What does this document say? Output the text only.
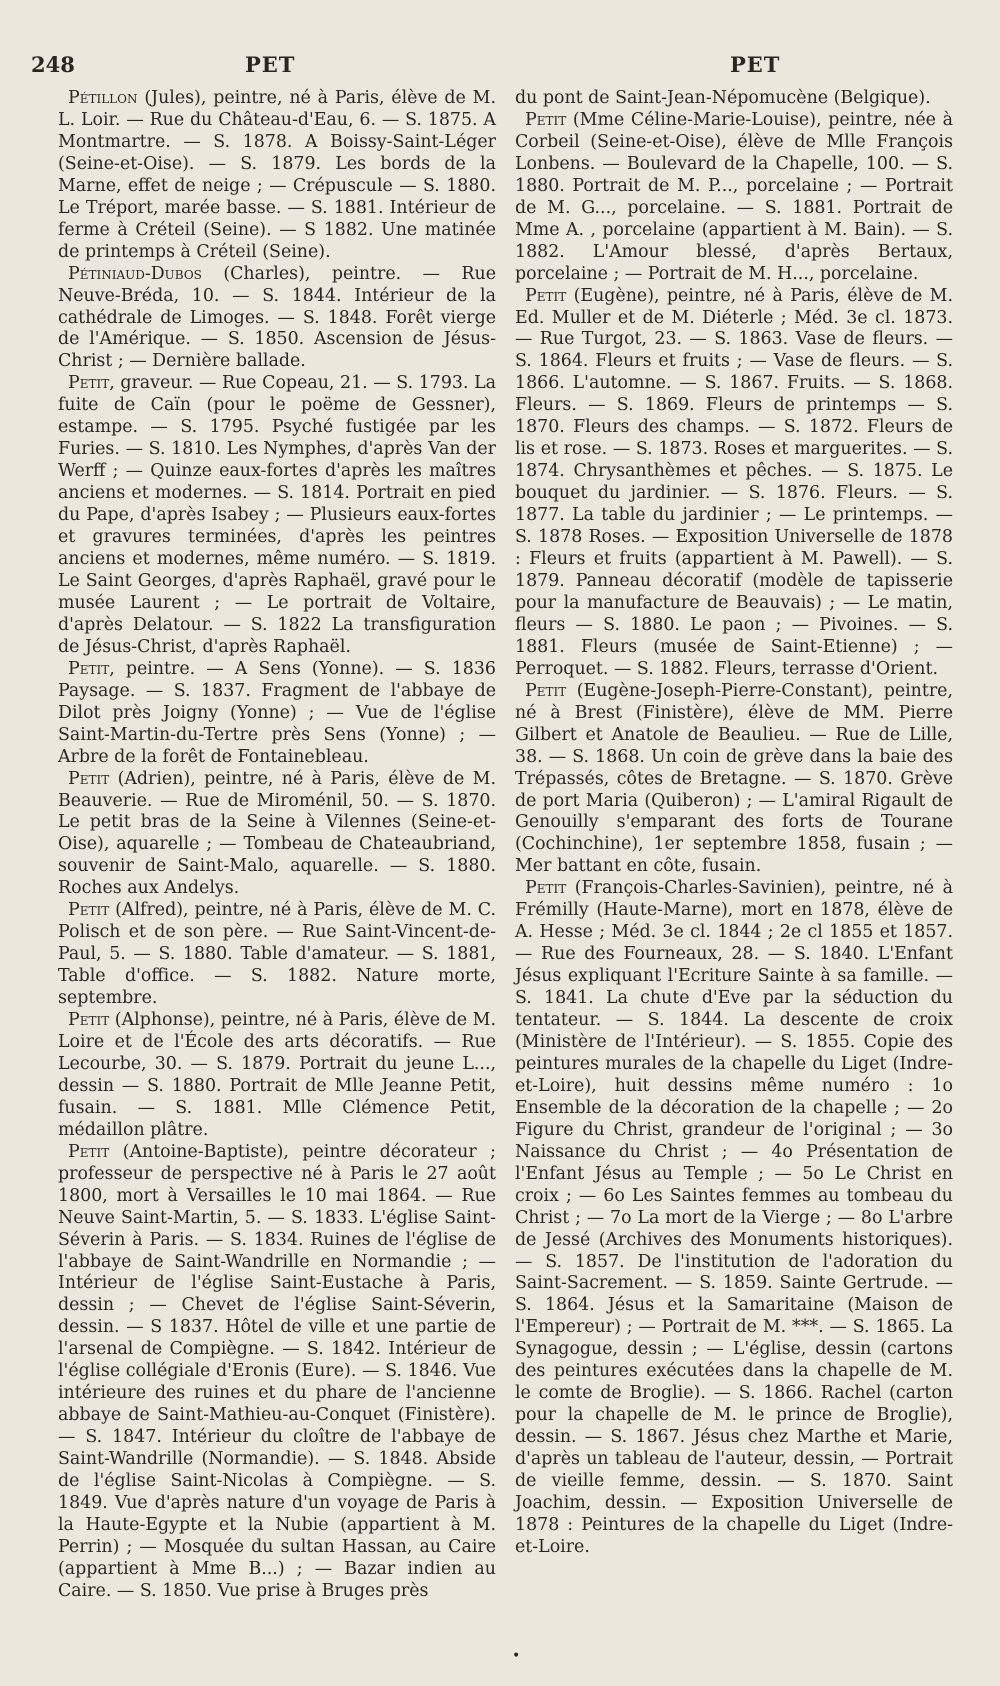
248	PET	PET

Pétillon (Jules), peintre, né à Paris, élève de M. L. Loir. — Rue du Château-d'Eau, 6. — S. 1875. A Montmartre. — S. 1878. A Boissy-Saint-Léger (Seine-et-Oise). — S. 1879. Les bords de la Marne, effet de neige ; — Crépuscule — S. 1880. Le Tréport, marée basse. — S. 1881. Intérieur de ferme à Créteil (Seine). — S 1882. Une matinée de printemps à Créteil (Seine).

Pétiniaud-Dubos (Charles), peintre. — Rue Neuve-Bréda, 10. — S. 1844. Intérieur de la cathédrale de Limoges. — S. 1848. Forêt vierge de l'Amérique. — S. 1850. Ascension de Jésus-Christ ; — Dernière ballade.

Petit, graveur. — Rue Copeau, 21. — S. 1793. La fuite de Caïn (pour le poëme de Gessner), estampe. — S. 1795. Psyché fustigée par les Furies. — S. 1810. Les Nymphes, d'après Van der Werff ; — Quinze eaux-fortes d'après les maîtres anciens et modernes. — S. 1814. Portrait en pied du Pape, d'après Isabey ; — Plusieurs eaux-fortes et gravures terminées, d'après les peintres anciens et modernes, même numéro. — S. 1819. Le Saint Georges, d'après Raphaël, gravé pour le musée Laurent ; — Le portrait de Voltaire, d'après Delatour. — S. 1822 La transfiguration de Jésus-Christ, d'après Raphaël.

Petit, peintre. — A Sens (Yonne). — S. 1836 Paysage. — S. 1837. Fragment de l'abbaye de Dilot près Joigny (Yonne) ; — Vue de l'église Saint-Martin-du-Tertre près Sens (Yonne) ; — Arbre de la forêt de Fontainebleau.

Petit (Adrien), peintre, né à Paris, élève de M. Beauverie. — Rue de Miroménil, 50. — S. 1870. Le petit bras de la Seine à Vilennes (Seine-et-Oise), aquarelle ; — Tombeau de Chateaubriand, souvenir de Saint-Malo, aquarelle. — S. 1880. Roches aux Andelys.

Petit (Alfred), peintre, né à Paris, élève de M. C. Polisch et de son père. — Rue Saint-Vincent-de-Paul, 5. — S. 1880. Table d'amateur. — S. 1881, Table d'office. — S. 1882. Nature morte, septembre.

Petit (Alphonse), peintre, né à Paris, élève de M. Loire et de l'École des arts décoratifs. — Rue Lecourbe, 30. — S. 1879. Portrait du jeune L..., dessin — S. 1880. Portrait de Mlle Jeanne Petit, fusain. — S. 1881. Mlle Clémence Petit, médaillon plâtre.

Petit (Antoine-Baptiste), peintre décorateur ; professeur de perspective né à Paris le 27 août 1800, mort à Versailles le 10 mai 1864. — Rue Neuve Saint-Martin, 5. — S. 1833. L'église Saint-Séverin à Paris. — S. 1834. Ruines de l'église de l'abbaye de Saint-Wandrille en Normandie ; — Intérieur de l'église Saint-Eustache à Paris, dessin ; — Chevet de l'église Saint-Séverin, dessin. — S 1837. Hôtel de ville et une partie de l'arsenal de Compiègne. — S. 1842. Intérieur de l'église collégiale d'Eronis (Eure). — S. 1846. Vue intérieure des ruines et du phare de l'ancienne abbaye de Saint-Mathieu-au-Conquet (Finistère). — S. 1847. Intérieur du cloître de l'abbaye de Saint-Wandrille (Normandie). — S. 1848. Abside de l'église Saint-Nicolas à Compiègne. — S. 1849. Vue d'après nature d'un voyage de Paris à la Haute-Egypte et la Nubie (appartient à M. Perrin) ; — Mosquée du sultan Hassan, au Caire (appartient à Mme B...) ; — Bazar indien au Caire. — S. 1850. Vue prise à Bruges près

du pont de Saint-Jean-Népomucène (Belgique).

Petit (Mme Céline-Marie-Louise), peintre, née à Corbeil (Seine-et-Oise), élève de Mlle François Lonbens. — Boulevard de la Chapelle, 100. — S. 1880. Portrait de M. P..., porcelaine ; — Portrait de M. G..., porcelaine. — S. 1881. Portrait de Mme A. , porcelaine (appartient à M. Bain). — S. 1882. L'Amour blessé, d'après Bertaux, porcelaine ; — Portrait de M. H..., porcelaine.

Petit (Eugène), peintre, né à Paris, élève de M. Ed. Muller et de M. Diéterle ; Méd. 3e cl. 1873. — Rue Turgot, 23. — S. 1863. Vase de fleurs. — S. 1864. Fleurs et fruits ; — Vase de fleurs. — S. 1866. L'automne. — S. 1867. Fruits. — S. 1868. Fleurs. — S. 1869. Fleurs de printemps — S. 1870. Fleurs des champs. — S. 1872. Fleurs de lis et rose. — S. 1873. Roses et marguerites. — S. 1874. Chrysanthèmes et pêches. — S. 1875. Le bouquet du jardinier. — S. 1876. Fleurs. — S. 1877. La table du jardinier ; — Le printemps. — S. 1878 Roses. — Exposition Universelle de 1878 : Fleurs et fruits (appartient à M. Pawell). — S. 1879. Panneau décoratif (modèle de tapisserie pour la manufacture de Beauvais) ; — Le matin, fleurs — S. 1880. Le paon ; — Pivoines. — S. 1881. Fleurs (musée de Saint-Etienne) ; — Perroquet. — S. 1882. Fleurs, terrasse d'Orient.

Petit (Eugène-Joseph-Pierre-Constant), peintre, né à Brest (Finistère), élève de MM. Pierre Gilbert et Anatole de Beaulieu. — Rue de Lille, 38. — S. 1868. Un coin de grève dans la baie des Trépassés, côtes de Bretagne. — S. 1870. Grève de port Maria (Quiberon) ; — L'amiral Rigault de Genouilly s'emparant des forts de Tourane (Cochinchine), 1er septembre 1858, fusain ; — Mer battant en côte, fusain.

Petit (François-Charles-Savinien), peintre, né à Frémilly (Haute-Marne), mort en 1878, élève de A. Hesse ; Méd. 3e cl. 1844 ; 2e cl 1855 et 1857. — Rue des Fourneaux, 28. — S. 1840. L'Enfant Jésus expliquant l'Ecriture Sainte à sa famille. — S. 1841. La chute d'Eve par la séduction du tentateur. — S. 1844. La descente de croix (Ministère de l'Intérieur). — S. 1855. Copie des peintures murales de la chapelle du Liget (Indre-et-Loire), huit dessins même numéro : 1o Ensemble de la décoration de la chapelle ; — 2o Figure du Christ, grandeur de l'original ; — 3o Naissance du Christ ; — 4o Présentation de l'Enfant Jésus au Temple ; — 5o Le Christ en croix ; — 6o Les Saintes femmes au tombeau du Christ ; — 7o La mort de la Vierge ; — 8o L'arbre de Jessé (Archives des Monuments historiques). — S. 1857. De l'institution de l'adoration du Saint-Sacrement. — S. 1859. Sainte Gertrude. — S. 1864. Jésus et la Samaritaine (Maison de l'Empereur) ; — Portrait de M. ***. — S. 1865. La Synagogue, dessin ; — L'église, dessin (cartons des peintures exécutées dans la chapelle de M. le comte de Broglie). — S. 1866. Rachel (carton pour la chapelle de M. le prince de Broglie), dessin. — S. 1867. Jésus chez Marthe et Marie, d'après un tableau de l'auteur, dessin, — Portrait de vieille femme, dessin. — S. 1870. Saint Joachim, dessin. — Exposition Universelle de 1878 : Peintures de la chapelle du Liget (Indre-et-Loire.

•
